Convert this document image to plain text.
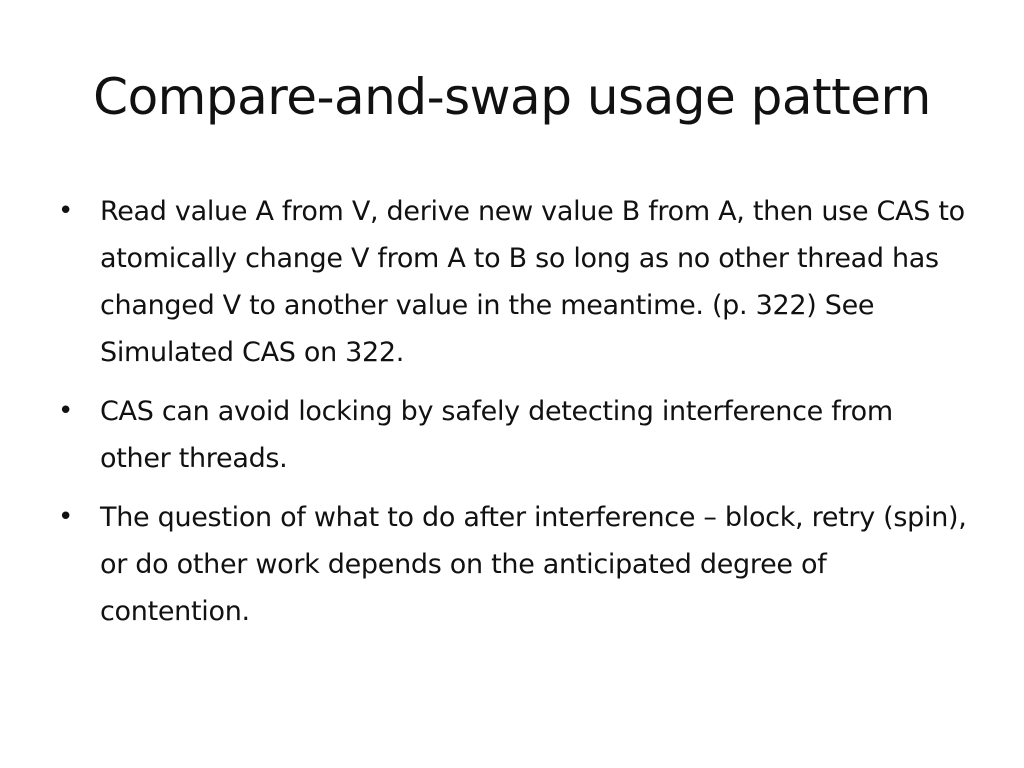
Compare-and-swap usage pattern
• Read value A from V, derive new value B from A, then use CAS to atomically change V from A to B so long as no other thread has changed V to another value in the meantime. (p. 322) See Simulated CAS on 322.
• CAS can avoid locking by safely detecting interference from other threads.
• The question of what to do after interference – block, retry (spin), or do other work depends on the anticipated degree of contention.
